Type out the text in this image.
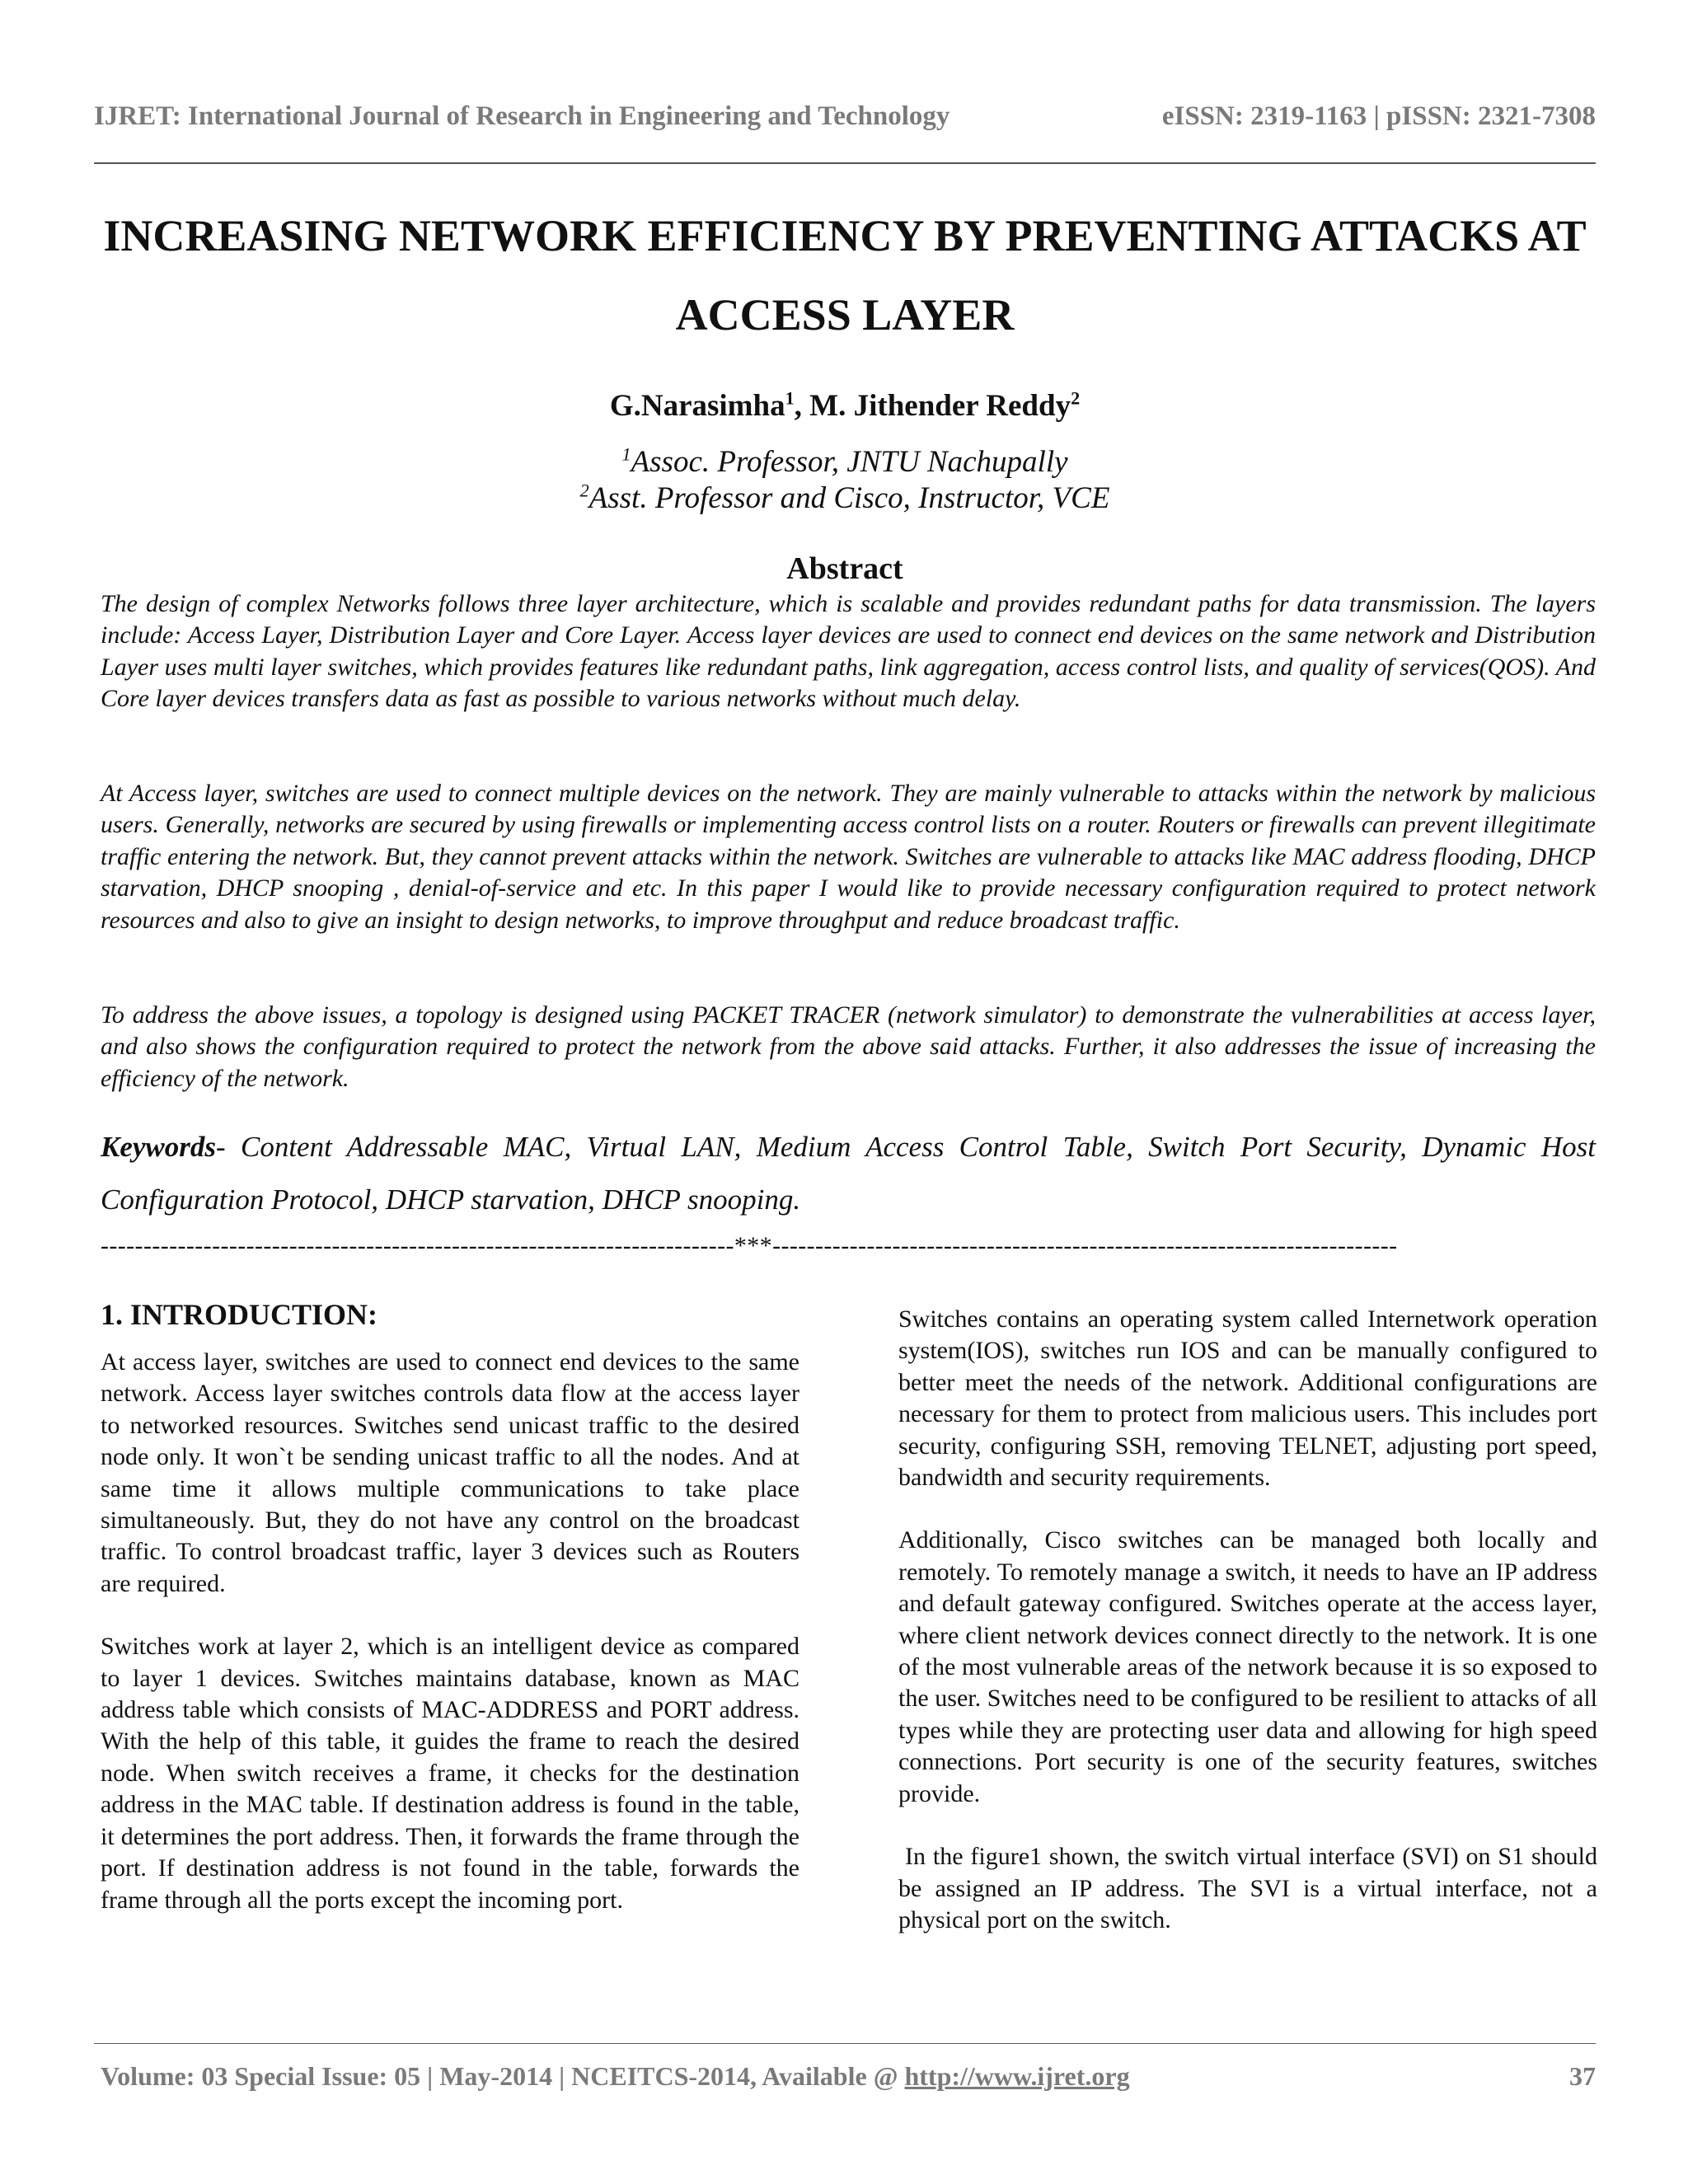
IJRET: International Journal of Research in Engineering and Technology	eISSN: 2319-1163 | pISSN: 2321-7308
INCREASING NETWORK EFFICIENCY BY PREVENTING ATTACKS AT ACCESS LAYER
G.Narasimha$^1$, M. Jithender Reddy$^2$
$^1$Assoc. Professor, JNTU Nachupally
$^2$Asst. Professor and Cisco, Instructor, VCE
Abstract

The design of complex Networks follows three layer architecture, which is scalable and provides redundant paths for data transmission. The layers include: Access Layer, Distribution Layer and Core Layer. Access layer devices are used to connect end devices on the same network and Distribution Layer uses multi layer switches, which provides features like redundant paths, link aggregation, access control lists, and quality of services(QOS). And Core layer devices transfers data as fast as possible to various networks without much delay.

At Access layer, switches are used to connect multiple devices on the network. They are mainly vulnerable to attacks within the network by malicious users. Generally, networks are secured by using firewalls or implementing access control lists on a router. Routers or firewalls can prevent illegitimate traffic entering the network. But, they cannot prevent attacks within the network. Switches are vulnerable to attacks like MAC address flooding, DHCP starvation, DHCP snooping , denial-of-service and etc. In this paper I would like to provide necessary configuration required to protect network resources and also to give an insight to design networks, to improve throughput and reduce broadcast traffic.

To address the above issues, a topology is designed using PACKET TRACER (network simulator) to demonstrate the vulnerabilities at access layer, and also shows the configuration required to protect the network from the above said attacks. Further, it also addresses the issue of increasing the efficiency of the network.

Keywords- Content Addressable MAC, Virtual LAN, Medium Access Control Table, Switch Port Security, Dynamic Host Configuration Protocol, DHCP starvation, DHCP snooping.

--------------------------------------------------------------------------***-------------------------------------------------------------------------
1. INTRODUCTION:

At access layer, switches are used to connect end devices to the same network. Access layer switches controls data flow at the access layer to networked resources. Switches send unicast traffic to the desired node only. It won`t be sending unicast traffic to all the nodes. And at same time it allows multiple communications to take place simultaneously. But, they do not have any control on the broadcast traffic. To control broadcast traffic, layer 3 devices such as Routers are required.

Switches work at layer 2, which is an intelligent device as compared to layer 1 devices. Switches maintains database, known as MAC address table which consists of MAC-ADDRESS and PORT address. With the help of this table, it guides the frame to reach the desired node. When switch receives a frame, it checks for the destination address in the MAC table. If destination address is found in the table, it determines the port address. Then, it forwards the frame through the port. If destination address is not found in the table, forwards the frame through all the ports except the incoming port.

Switches contains an operating system called Internetwork operation system(IOS), switches run IOS and can be manually configured to better meet the needs of the network. Additional configurations are necessary for them to protect from malicious users. This includes port security, configuring SSH, removing TELNET, adjusting port speed, bandwidth and security requirements.

Additionally, Cisco switches can be managed both locally and remotely. To remotely manage a switch, it needs to have an IP address and default gateway configured. Switches operate at the access layer, where client network devices connect directly to the network. It is one of the most vulnerable areas of the network because it is so exposed to the user. Switches need to be configured to be resilient to attacks of all types while they are protecting user data and allowing for high speed connections. Port security is one of the security features, switches provide.

In the figure1 shown, the switch virtual interface (SVI) on S1 should be assigned an IP address. The SVI is a virtual interface, not a physical port on the switch.

Volume: 03 Special Issue: 05 | May-2014 | NCEITCS-2014, Available @ http://www.ijret.org	37
